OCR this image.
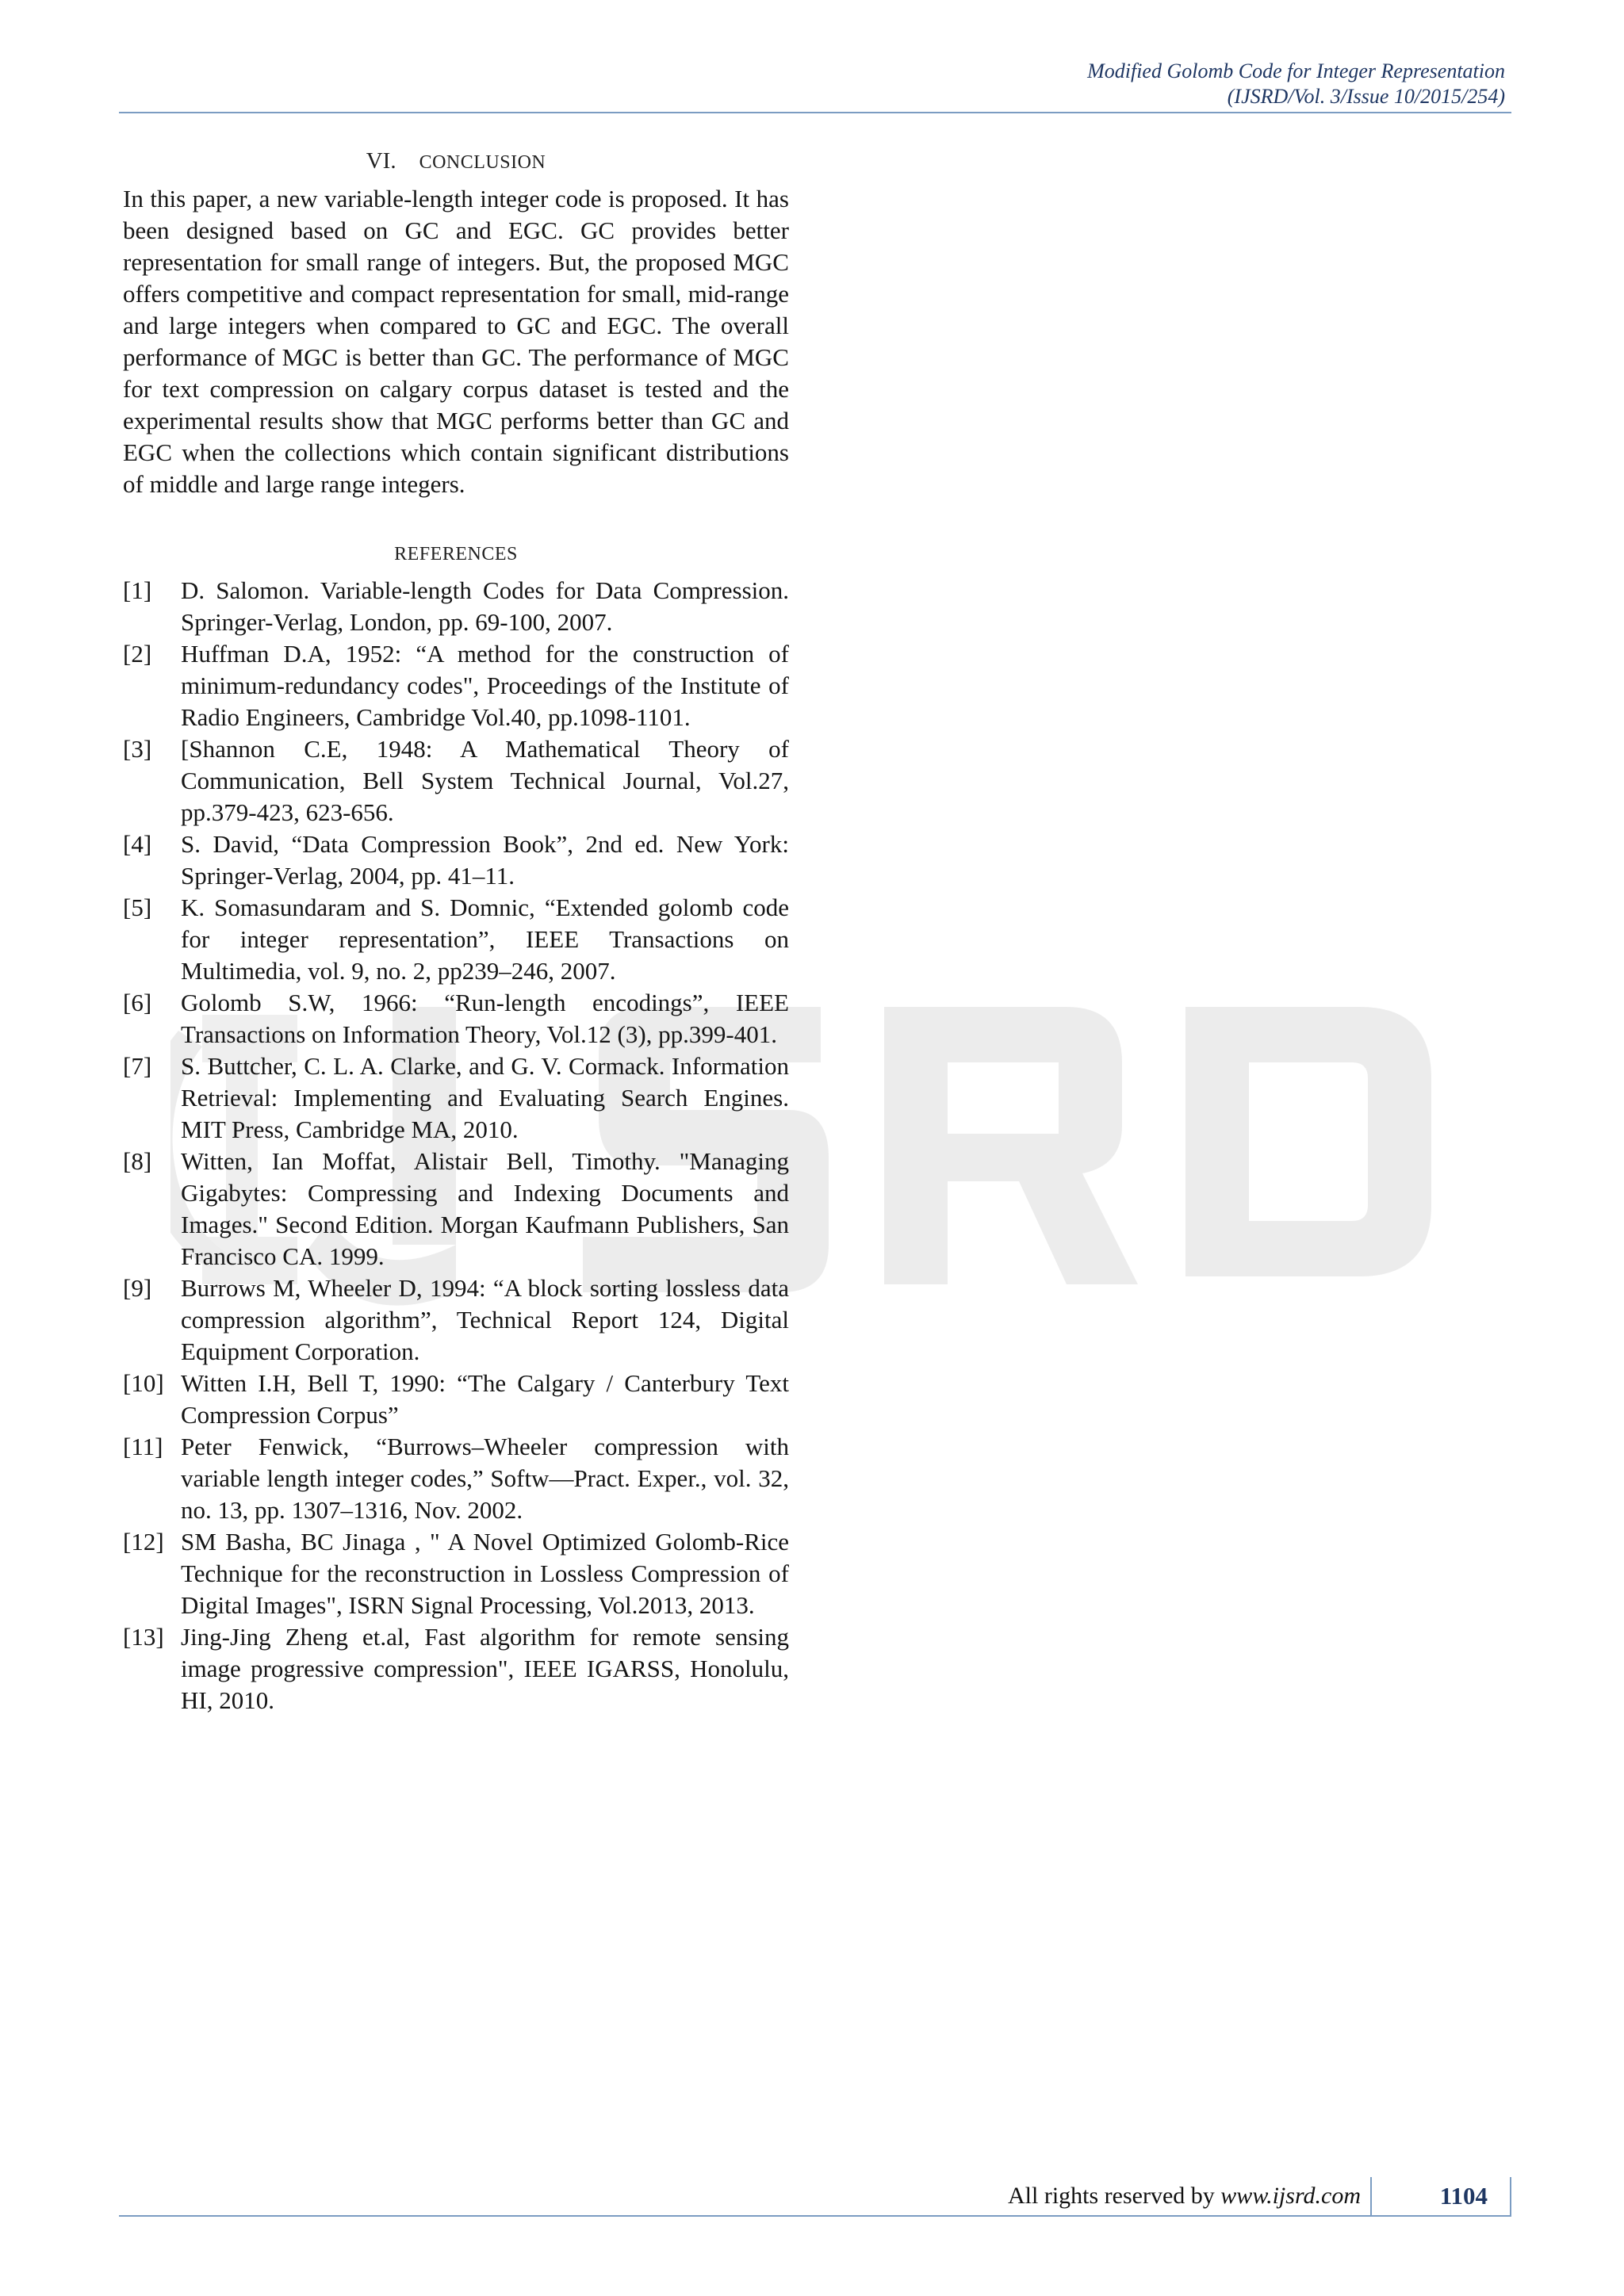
Modified Golomb Code for Integer Representation
(IJSRD/Vol. 3/Issue 10/2015/254)
VI. CONCLUSION

In this paper, a new variable-length integer code is proposed. It has been designed based on GC and EGC. GC provides better representation for small range of integers. But, the proposed MGC offers competitive and compact representation for small, mid-range and large integers when compared to GC and EGC. The overall performance of MGC is better than GC. The performance of MGC for text compression on calgary corpus dataset is tested and the experimental results show that MGC performs better than GC and EGC when the collections which contain significant distributions of middle and large range integers.

REFERENCES
[1]	D. Salomon. Variable-length Codes for Data Compression. Springer-Verlag, London, pp. 69-100, 2007.
[2]	Huffman D.A, 1952: “A method for the construction of minimum-redundancy codes", Proceedings of the Institute of Radio Engineers, Cambridge Vol.40, pp.1098-1101.
[3]	[Shannon C.E, 1948: A Mathematical Theory of Communication, Bell System Technical Journal, Vol.27, pp.379-423, 623-656.
[4]	S. David, “Data Compression Book”, 2nd ed. New York: Springer-Verlag, 2004, pp. 41–11.
[5]	K. Somasundaram and S. Domnic, “Extended golomb code for integer representation”, IEEE Transactions on Multimedia, vol. 9, no. 2, pp239–246, 2007.
[6]	Golomb S.W, 1966: “Run-length encodings”, IEEE Transactions on Information Theory, Vol.12 (3), pp.399-401.
[7]	S. Buttcher, C. L. A. Clarke, and G. V. Cormack. Information Retrieval: Implementing and Evaluating Search Engines. MIT Press, Cambridge MA, 2010.
[8]	Witten, Ian Moffat, Alistair Bell, Timothy. "Managing Gigabytes: Compressing and Indexing Documents and Images." Second Edition. Morgan Kaufmann Publishers, San Francisco CA. 1999.
[9]	Burrows M, Wheeler D, 1994: “A block sorting lossless data compression algorithm”, Technical Report 124, Digital Equipment Corporation.
[10] Witten I.H, Bell T, 1990: “The Calgary / Canterbury Text Compression Corpus”
[11] Peter Fenwick, “Burrows–Wheeler compression with variable length integer codes,” Softw—Pract. Exper., vol. 32, no. 13, pp. 1307–1316, Nov. 2002.
[12] SM Basha, BC Jinaga , " A Novel Optimized Golomb-Rice Technique for the reconstruction in Lossless Compression of Digital Images", ISRN Signal Processing, Vol.2013, 2013.
[13] Jing-Jing Zheng et.al, Fast algorithm for remote sensing image progressive compression", IEEE IGARSS, Honolulu, HI, 2010.
All rights reserved by www.ijsrd.com	1104
